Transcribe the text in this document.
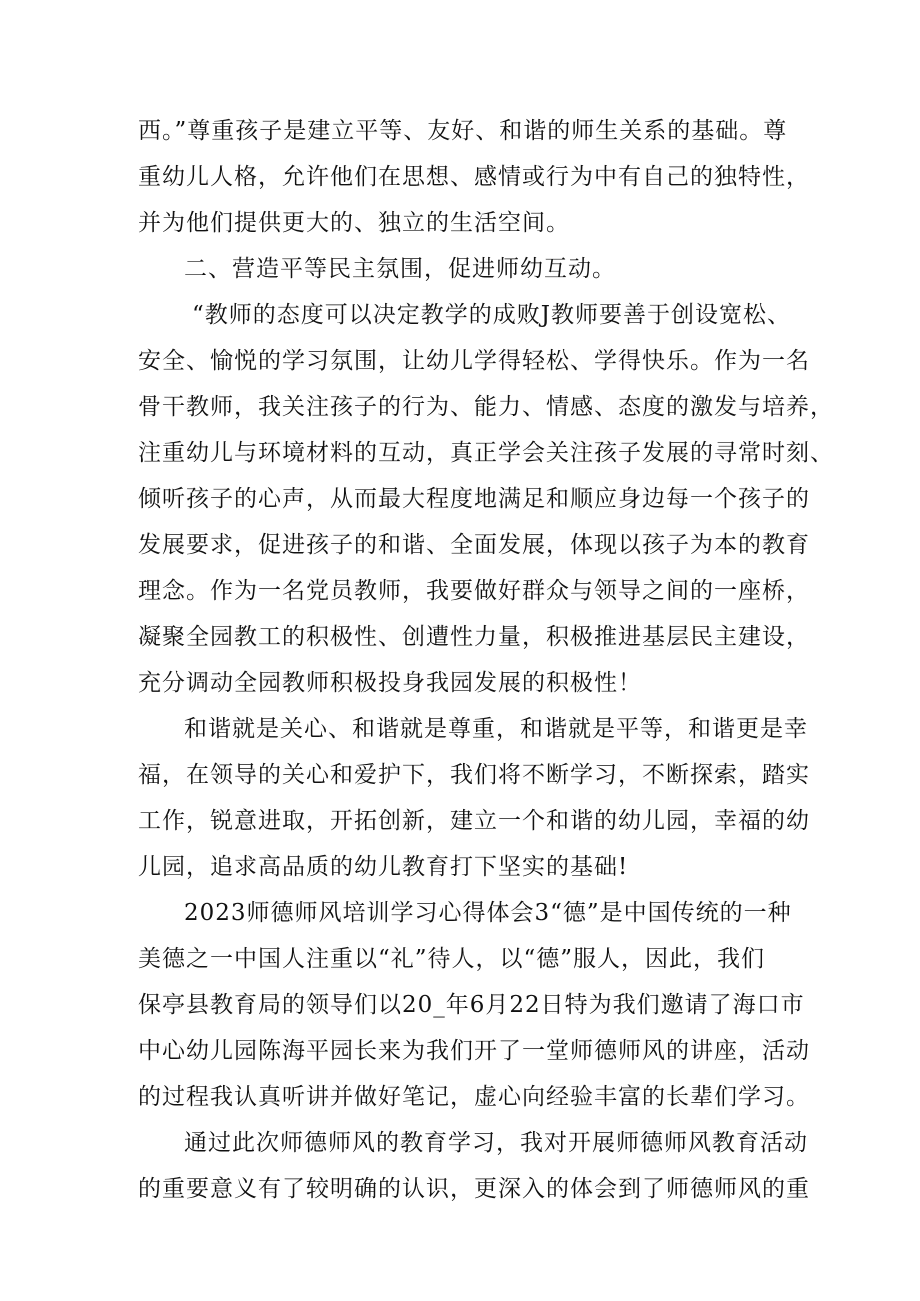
西。”尊重孩子是建立平等、友好、和谐的师生关系的基础。尊
重幼儿人格，允许他们在思想、感情或行为中有自己的独特性，
并为他们提供更大的、独立的生活空间。
二、营造平等民主氛围，促进师幼互动。
“教师的态度可以决定教学的成败J教师要善于创设宽松、
安全、愉悦的学习氛围，让幼儿学得轻松、学得快乐。作为一名
骨干教师，我关注孩子的行为、能力、情感、态度的激发与培养，
注重幼儿与环境材料的互动，真正学会关注孩子发展的寻常时刻、
倾听孩子的心声，从而最大程度地满足和顺应身边每一个孩子的
发展要求，促进孩子的和谐、全面发展，体现以孩子为本的教育
理念。作为一名党员教师，我要做好群众与领导之间的一座桥，
凝聚全园教工的积极性、创遭性力量，积极推进基层民主建设，
充分调动全园教师积极投身我园发展的积极性！
和谐就是关心、和谐就是尊重，和谐就是平等，和谐更是幸
福，在领导的关心和爱护下，我们将不断学习，不断探索，踏实
工作，锐意进取，开拓创新，建立一个和谐的幼儿园，幸福的幼
儿园，追求高品质的幼儿教育打下坚实的基础!
2023师德师风培训学习心得体会3“德”是中国传统的一种
美德之一中国人注重以“礼”待人，以“德”服人，因此，我们
保亭县教育局的领导们以20_年6月22日特为我们邀请了海口市
中心幼儿园陈海平园长来为我们开了一堂师德师风的讲座，活动
的过程我认真听讲并做好笔记，虚心向经验丰富的长辈们学习。
通过此次师德师风的教育学习，我对开展师德师风教育活动
的重要意义有了较明确的认识，更深入的体会到了师德师风的重
